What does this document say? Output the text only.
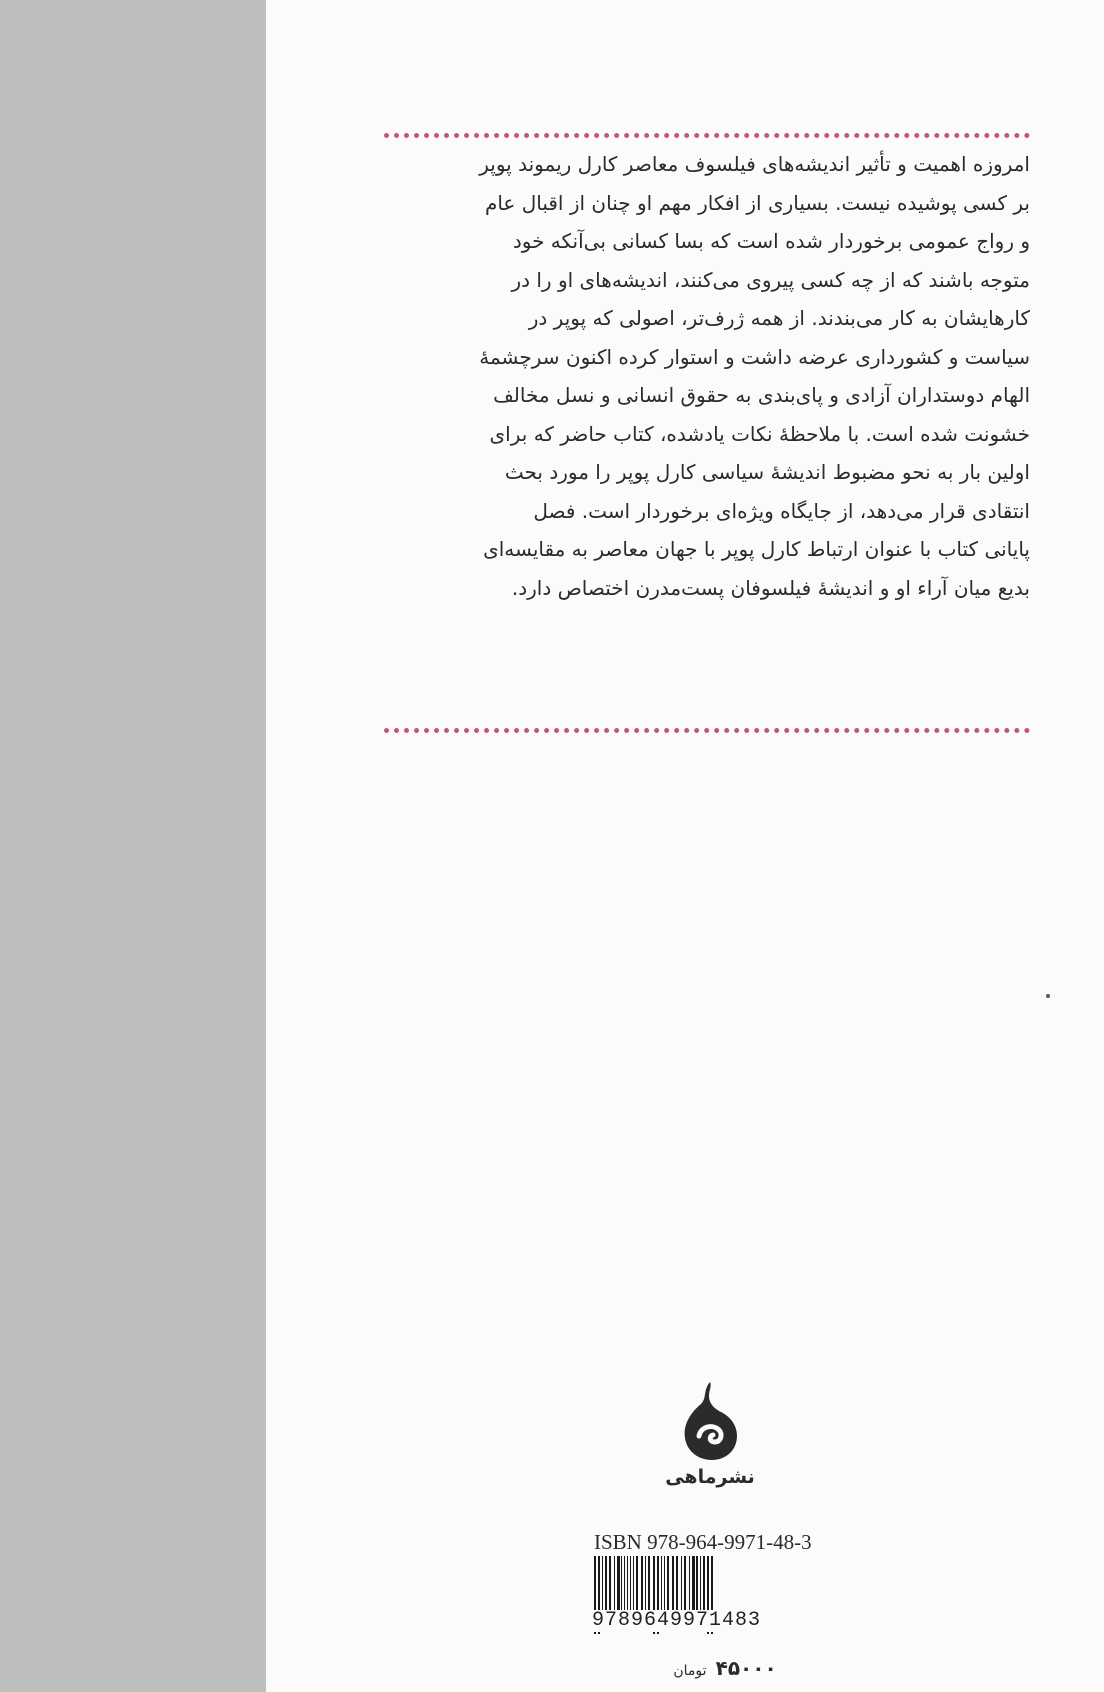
امروزه اهمیت و تأثیر اندیشه‌های فیلسوف معاصر کارل ریموند پوپر
بر کسی پوشیده نیست. بسیاری از افکار مهم او چنان از اقبال عام
و رواج عمومی برخوردار شده است که بسا کسانی بی‌آنکه خود
متوجه باشند که از چه کسی پیروی می‌کنند، اندیشه‌های او را در
کارهایشان به کار می‌بندند. از همه ژرف‌تر، اصولی که پوپر در
سیاست و کشورداری عرضه داشت و استوار کرده اکنون سرچشمهٔ
الهام دوستداران آزادی و پای‌بندی به حقوق انسانی و نسل مخالف
خشونت شده است. با ملاحظهٔ نکات یادشده، کتاب حاضر که برای
اولین بار به نحو مضبوط اندیشهٔ سیاسی کارل پوپر را مورد بحث
انتقادی قرار می‌دهد، از جایگاه ویژه‌ای برخوردار است. فصل
پایانی کتاب با عنوان ارتباط کارل پوپر با جهان معاصر به مقایسه‌ای
بدیع میان آراء او و اندیشهٔ فیلسوفان پست‌مدرن اختصاص دارد.
نشرماهی
ISBN 978-964-9971-48-3
9789649971483
۴۵۰۰۰ تومان
